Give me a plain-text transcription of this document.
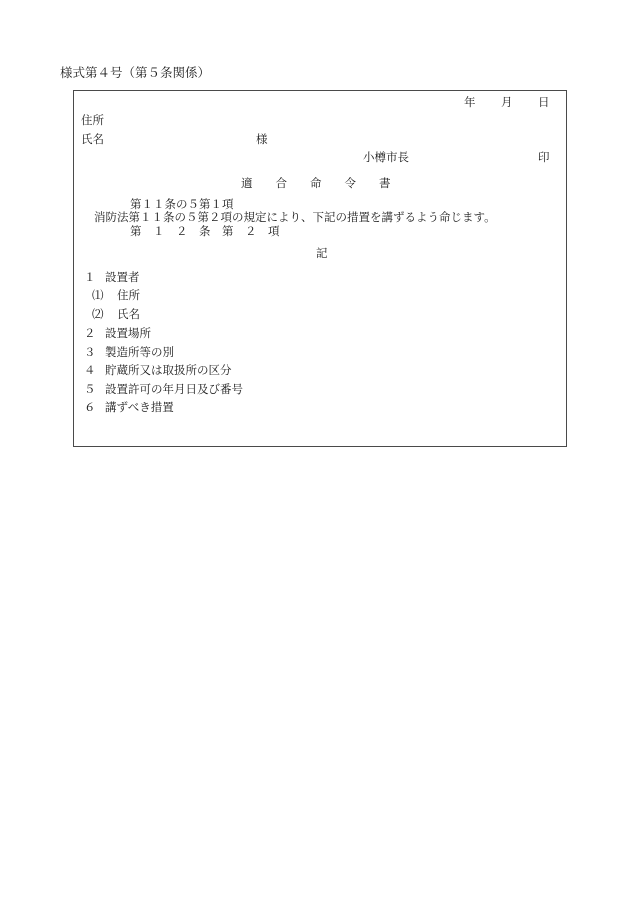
様式第４号（第５条関係）
年 月 日
住所
氏名	様
小樽市長	印
適　　合　　命　　令　　書
第１１条の５第１項
消防法第１１条の５第２項の規定により、下記の措置を講ずるよう命じます。
第　１　２　条　第　２　項
記
１ 設置者
⑴ 住所
⑵ 氏名
２ 設置場所
３ 製造所等の別
４ 貯蔵所又は取扱所の区分
５ 設置許可の年月日及び番号
６ 講ずべき措置
